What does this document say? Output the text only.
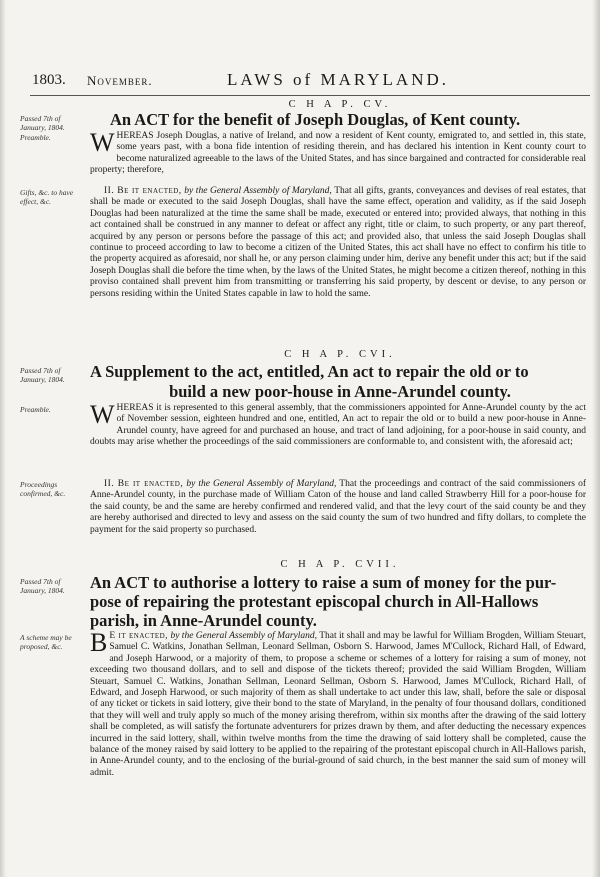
1803. November.	LAWS of MARYLAND.
C H A P. CV.
Passed 7th of January, 1804.
Preamble.
An ACT for the benefit of Joseph Douglas, of Kent county.

WHEREAS Joseph Douglas, a native of Ireland, and now a resident of Kent county, emigrated to, and settled in, this state, some years past, with a bona fide intention of residing therein, and has declared his intention in Kent county court to become naturalized agreeable to the laws of the United States, and has since bargained and contracted for considerable real property; therefore,

Gifts, &c. to have effect, &c.

II. Be it enacted, by the General Assembly of Maryland, That all gifts, grants, conveyances and devises of real estates, that shall be made or executed to the said Joseph Douglas, shall have the same effect, operation and validity, as if the said Joseph Douglas had been naturalized at the time the same shall be made, executed or entered into; provided always, that nothing in this act contained shall be construed in any manner to defeat or affect any right, title or claim, to such property, or any part thereof, acquired by any person or persons before the passage of this act; and provided also, that unless the said Joseph Douglas shall continue to proceed according to law to become a citizen of the United States, this act shall have no effect to confirm his title to the property acquired as aforesaid, nor shall he, or any person claiming under him, derive any benefit under this act; but if the said Joseph Douglas shall die before the time when, by the laws of the United States, he might become a citizen thereof, nothing in this proviso contained shall prevent him from transmitting or transferring his said property, by descent or devise, to any person or persons residing within the United States capable in law to hold the same.

C H A P. CVI.
Passed 7th of January, 1804.	A Supplement to the act, entitled, An act to repair the old or to
build a new poor-house in Anne-Arundel county.
Preamble.	WHEREAS it is represented to this general assembly, that the commissioners appointed for Anne-Arundel county by the act of November session, eighteen hundred and one, entitled, An act to repair the old or to build a new poor-house in Anne-Arundel county, have agreed for and purchased an house, and tract of land adjoining, for a poor-house in said county, and doubts may arise whether the proceedings of the said commissioners are conformable to, and consistent with, the aforesaid act;

Proceedings confirmed, &c.

II. Be it enacted, by the General Assembly of Maryland, That the proceedings and contract of the said commissioners of Anne-Arundel county, in the purchase made of William Caton of the house and land called Strawberry Hill for a poor-house for the said county, be and the same are hereby confirmed and rendered valid, and that the levy court of the said county be and they are hereby authorised and directed to levy and assess on the said county the sum of two hundred and fifty dollars, to complete the payment for the said property so purchased.

C H A P. CVII.
Passed 7th of January, 1804.	An ACT to authorise a lottery to raise a sum of money for the pur-
pose of repairing the protestant episcopal church in All-Hallows
parish, in Anne-Arundel county.
A scheme may be proposed, &c.	B E it enacted, by the General Assembly of Maryland, That it shall and may be lawful for William Brogden, William Steuart, Samuel C. Watkins, Jonathan Sellman, Leonard Sellman, Osborn S. Harwood, James M'Cullock, Richard Hall, of Edward, and Joseph Harwood, or a majority of them, to propose a scheme or schemes of a lottery for raising a sum of money, not exceeding two thousand dollars, and to sell and dispose of the tickets thereof; provided the said William Brogden, William Steuart, Samuel C. Watkins, Jonathan Sellman, Leonard Sellman, Osborn S. Harwood, James M'Cullock, Richard Hall, of Edward, and Joseph Harwood, or such majority of them as shall undertake to act under this law, shall, before the sale or disposal of any ticket or tickets in said lottery, give their bond to the state of Maryland, in the penalty of four thousand dollars, conditioned that they will well and truly apply so much of the money arising therefrom, within six months after the drawing of the said lottery shall be completed, as will satisfy the fortunate adventurers for prizes drawn by them, and after deducting the necessary expences incurred in the said lottery, shall, within twelve months from the time the drawing of said lottery shall be completed, cause the balance of the money raised by said lottery to be applied to the repairing of the protestant episcopal church in All-Hallows parish, in Anne-Arundel county, and to the enclosing of the burial-ground of said church, in the best manner the said sum of money will admit.
